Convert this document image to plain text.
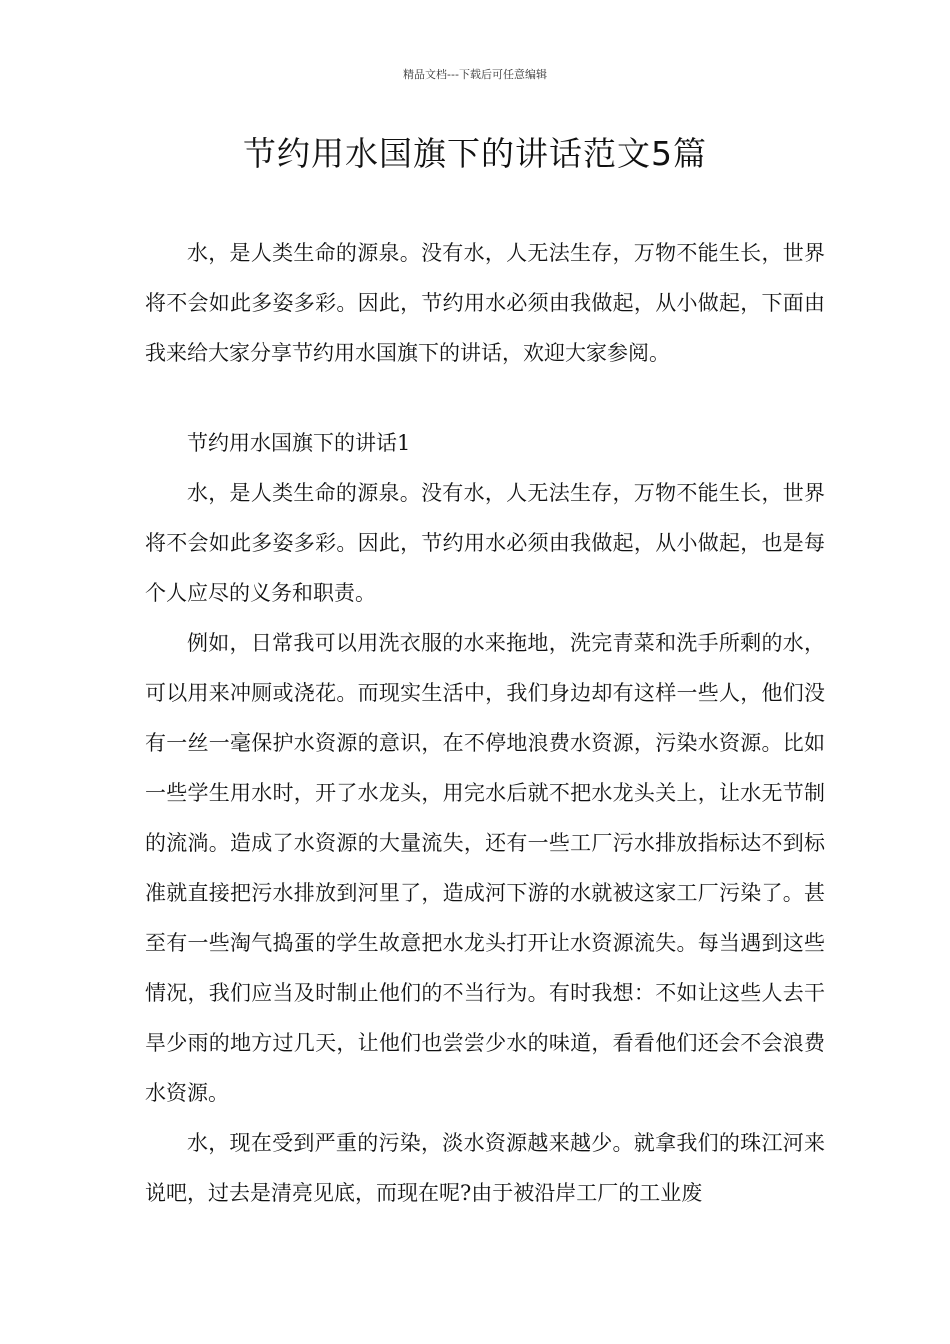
精品文档---下载后可任意编辑
节约用水国旗下的讲话范文5篇

水，是人类生命的源泉。没有水，人无法生存，万物不能生长，世界将不会如此多姿多彩。因此，节约用水必须由我做起，从小做起，下面由我来给大家分享节约用水国旗下的讲话，欢迎大家参阅。

节约用水国旗下的讲话1

水，是人类生命的源泉。没有水，人无法生存，万物不能生长，世界将不会如此多姿多彩。因此，节约用水必须由我做起，从小做起，也是每个人应尽的义务和职责。

例如，日常我可以用洗衣服的水来拖地，洗完青菜和洗手所剩的水，可以用来冲厕或浇花。而现实生活中，我们身边却有这样一些人，他们没有一丝一毫保护水资源的意识，在不停地浪费水资源，污染水资源。比如一些学生用水时，开了水龙头，用完水后就不把水龙头关上，让水无节制的流淌。造成了水资源的大量流失，还有一些工厂污水排放指标达不到标准就直接把污水排放到河里了，造成河下游的水就被这家工厂污染了。甚至有一些淘气捣蛋的学生故意把水龙头打开让水资源流失。每当遇到这些情况，我们应当及时制止他们的不当行为。有时我想：不如让这些人去干旱少雨的地方过几天，让他们也尝尝少水的味道，看看他们还会不会浪费水资源。

水，现在受到严重的污染，淡水资源越来越少。就拿我们的珠江河来说吧，过去是清亮见底，而现在呢?由于被沿岸工厂的工业废
